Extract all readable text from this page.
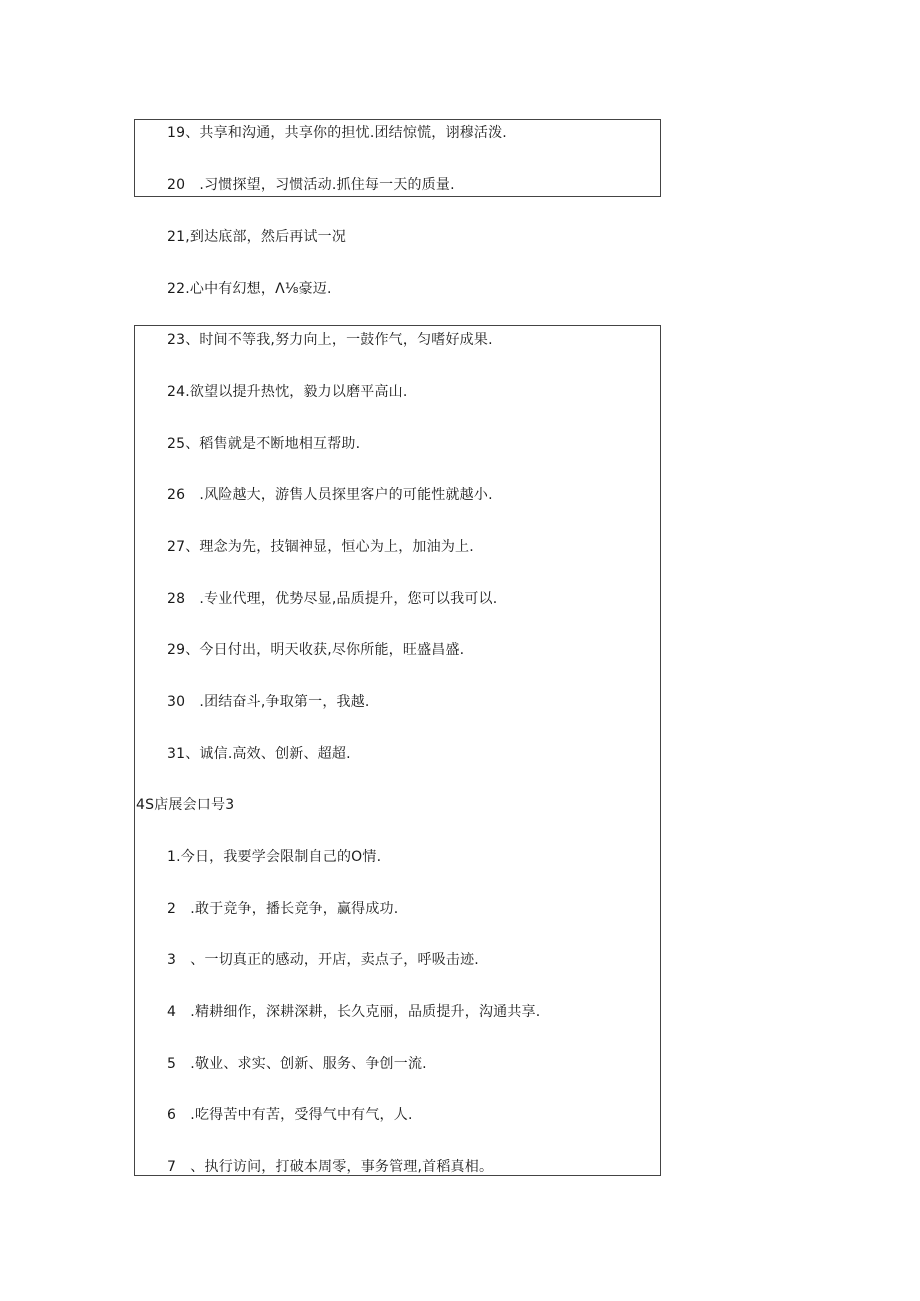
19、共享和沟通，共享你的担忧.团结惊慌，诩穆活泼.
20　.习惯探望，习惯活动.抓住每一天的质量.
21,到达底部，然后再试一况
22.心中有幻想，Λ⅛豪迈.
23、时间不等我,努力向上，一鼓作气，匀嗜好成果.
24.欲望以提升热忱，毅力以磨平高山.
25、稻售就是不断地相互帮助.
26　.风险越大，游售人员探里客户的可能性就越小.
27、理念为先，技锢神显，恒心为上，加油为上.
28　.专业代理，优势尽显,品质提升，您可以我可以.
29、今日付出，明天收获,尽你所能，旺盛昌盛.
30　.团结奋斗,争取第一，我越.
31、诚信.高效、创新、超超.
4S店展会口号3
1.今日，我要学会限制自己的O情.
2　.敢于竞争，播长竞争，赢得成功.
3　、一切真正的感动，开店，卖点子，呼吸击迹.
4　.精耕细作，深耕深耕，长久克丽，品质提升，沟通共享.
5　.敬业、求实、创新、服务、争创一流.
6　.吃得苦中有苦，受得气中有气，人.
7　、执行访问，打破本周零，事务管理,首稻真相。
